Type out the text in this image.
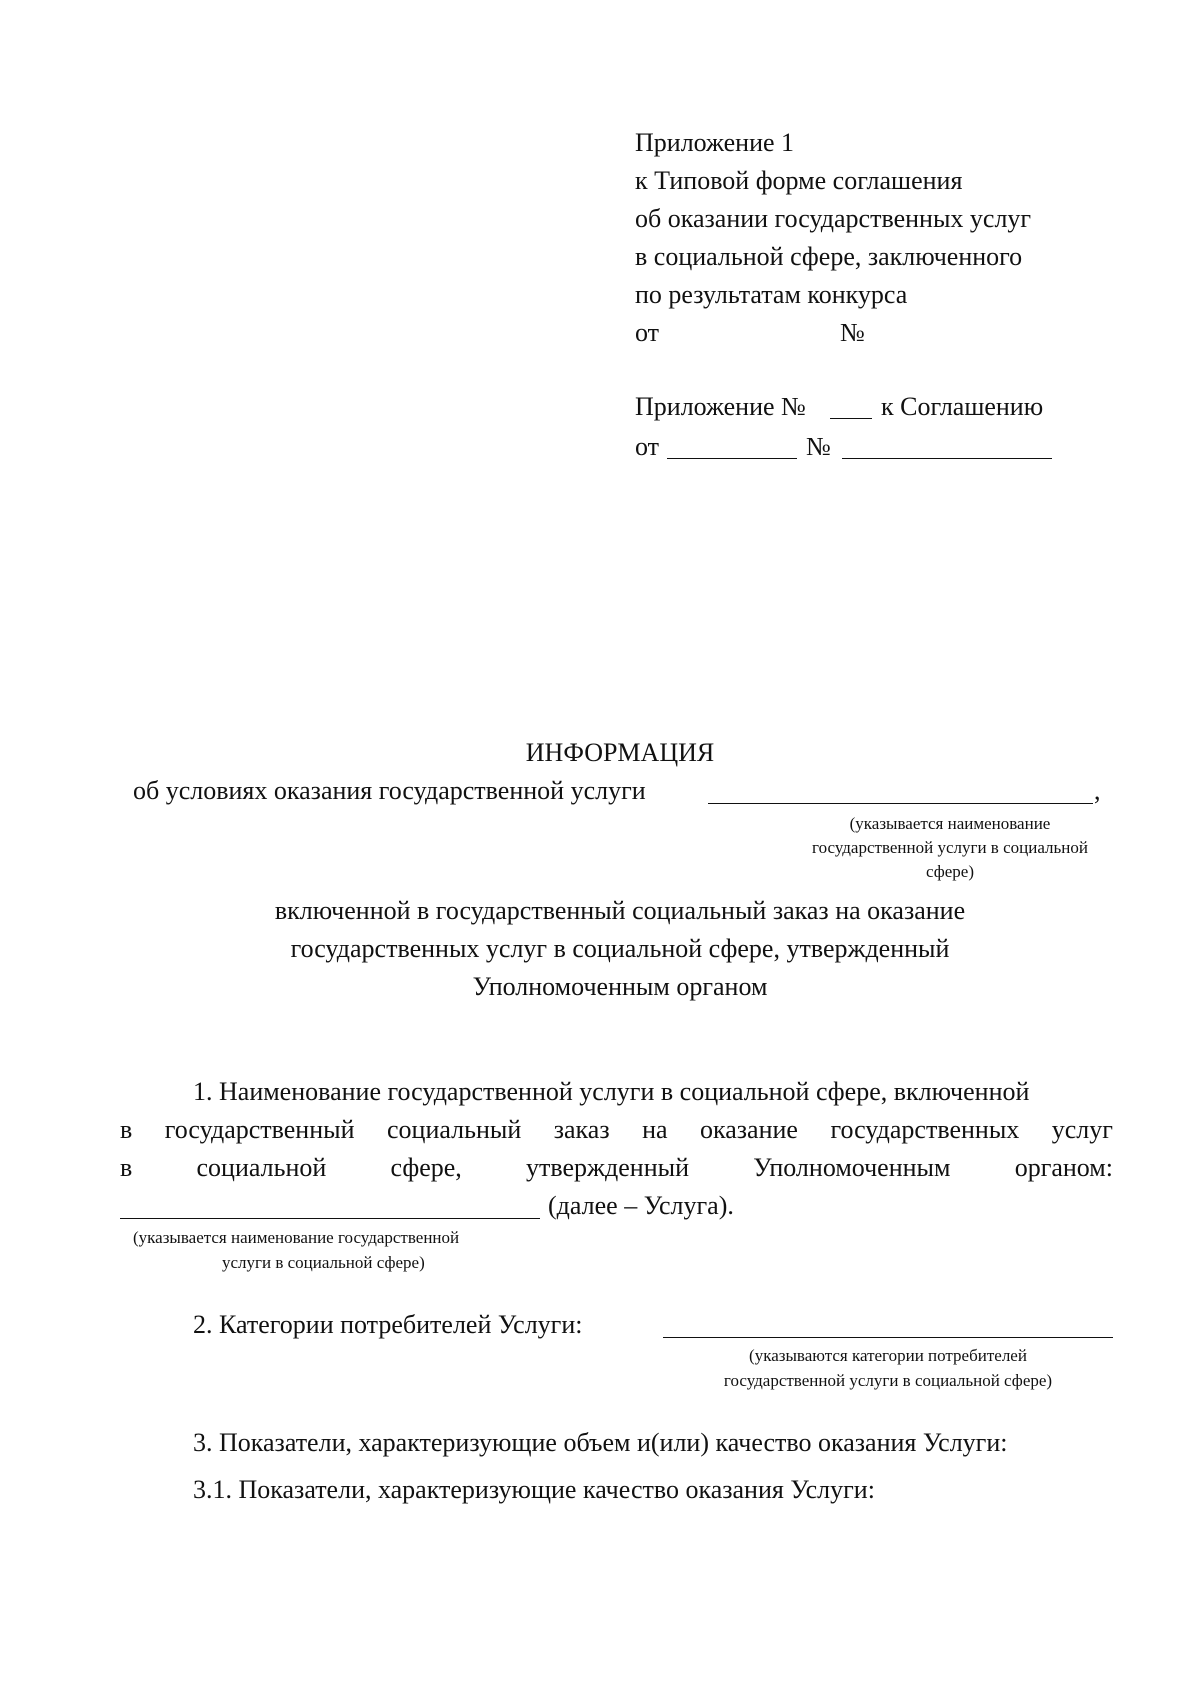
Приложение 1
к Типовой форме соглашения
об оказании государственных услуг
в социальной сфере, заключенного
по результатам конкурса
от	№
Приложение №	к Соглашению
от	№
ИНФОРМАЦИЯ
об условиях оказания государственной услуги	,
(указывается наименование
государственной услуги в социальной
сфере)
включенной в государственный социальный заказ на оказание
государственных услуг в социальной сфере, утвержденный
Уполномоченным органом
1. Наименование государственной услуги в социальной сфере, включенной
в государственный социальный заказ на оказание государственных услуг
в социальной сфере, утвержденный Уполномоченным органом:
(далее – Услуга).
(указывается наименование государственной
услуги в социальной сфере)
2. Категории потребителей Услуги:
(указываются категории потребителей
государственной услуги в социальной сфере)
3. Показатели, характеризующие объем и(или) качество оказания Услуги:
3.1. Показатели, характеризующие качество оказания Услуги:
